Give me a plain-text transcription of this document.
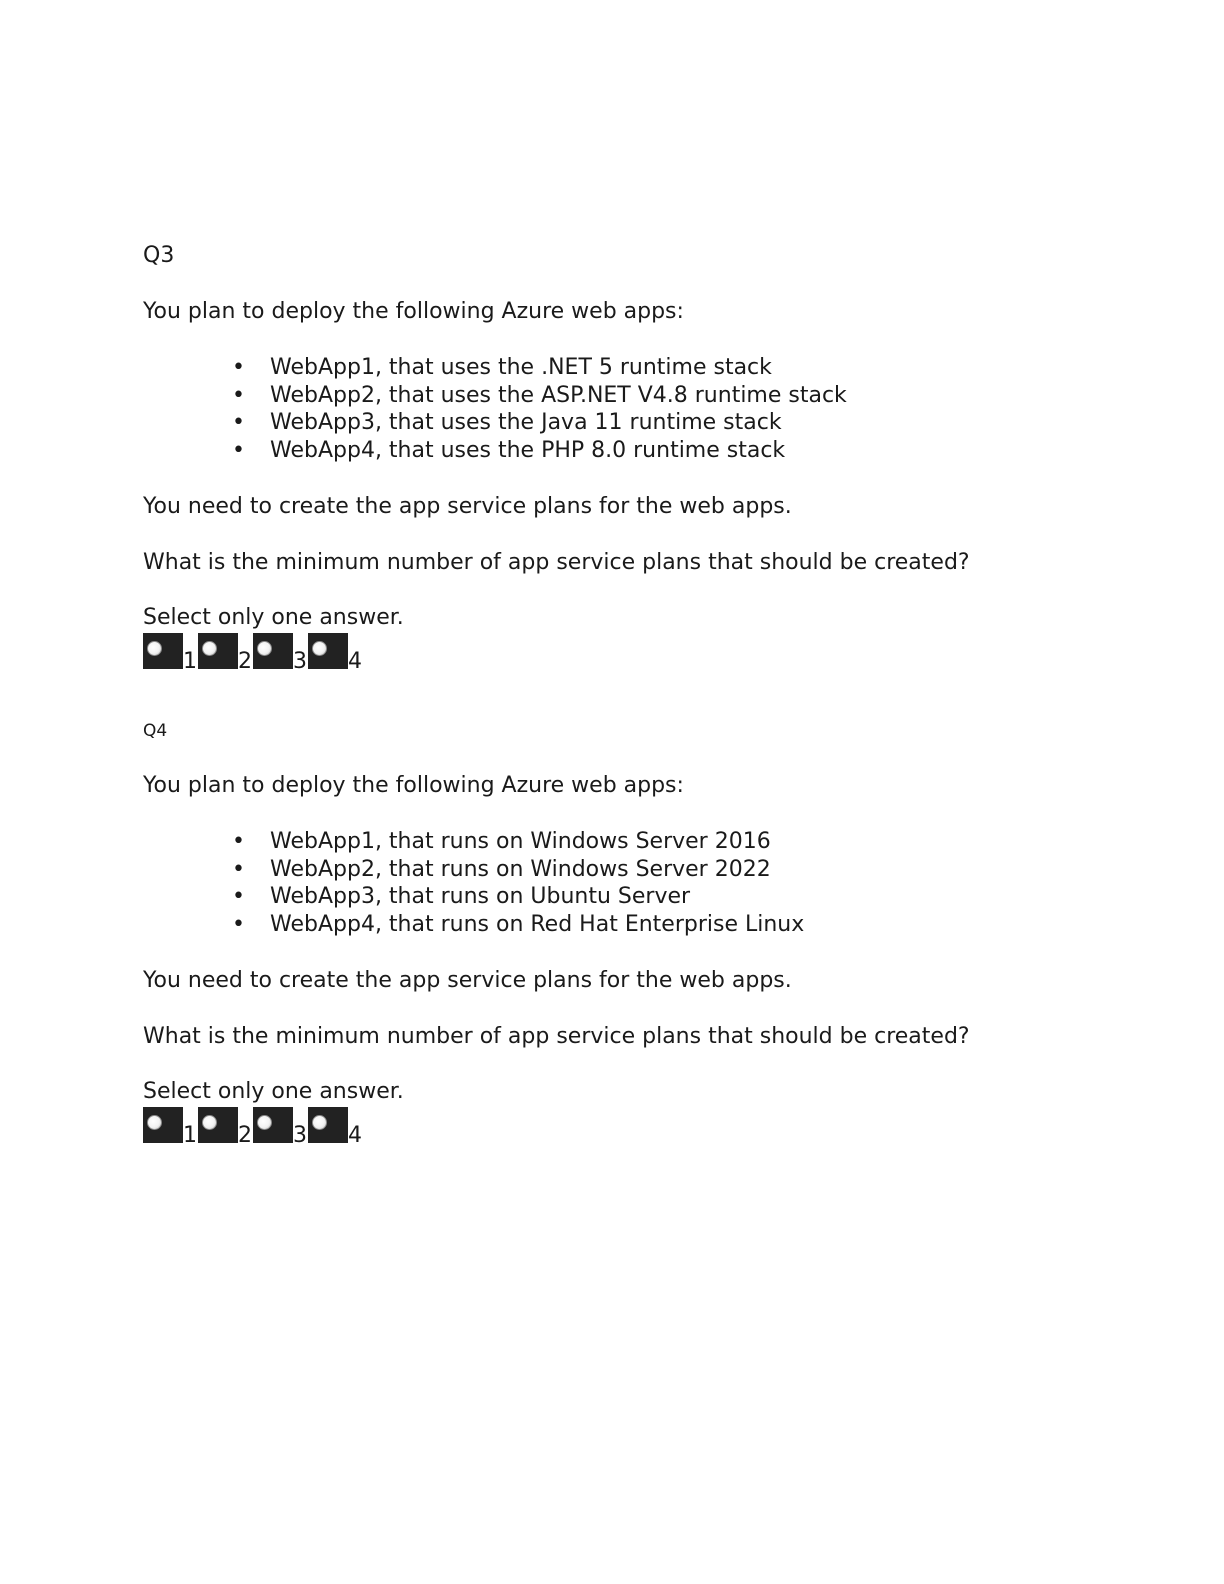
Q3

You plan to deploy the following Azure web apps:

• WebApp1, that uses the .NET 5 runtime stack
• WebApp2, that uses the ASP.NET V4.8 runtime stack
• WebApp3, that uses the Java 11 runtime stack
• WebApp4, that uses the PHP 8.0 runtime stack

You need to create the app service plans for the web apps.

What is the minimum number of app service plans that should be created?

Select only one answer.

1 2 3 4

Q4

You plan to deploy the following Azure web apps:

• WebApp1, that runs on Windows Server 2016
• WebApp2, that runs on Windows Server 2022
• WebApp3, that runs on Ubuntu Server
• WebApp4, that runs on Red Hat Enterprise Linux

You need to create the app service plans for the web apps.

What is the minimum number of app service plans that should be created?

Select only one answer.

1 2 3 4
